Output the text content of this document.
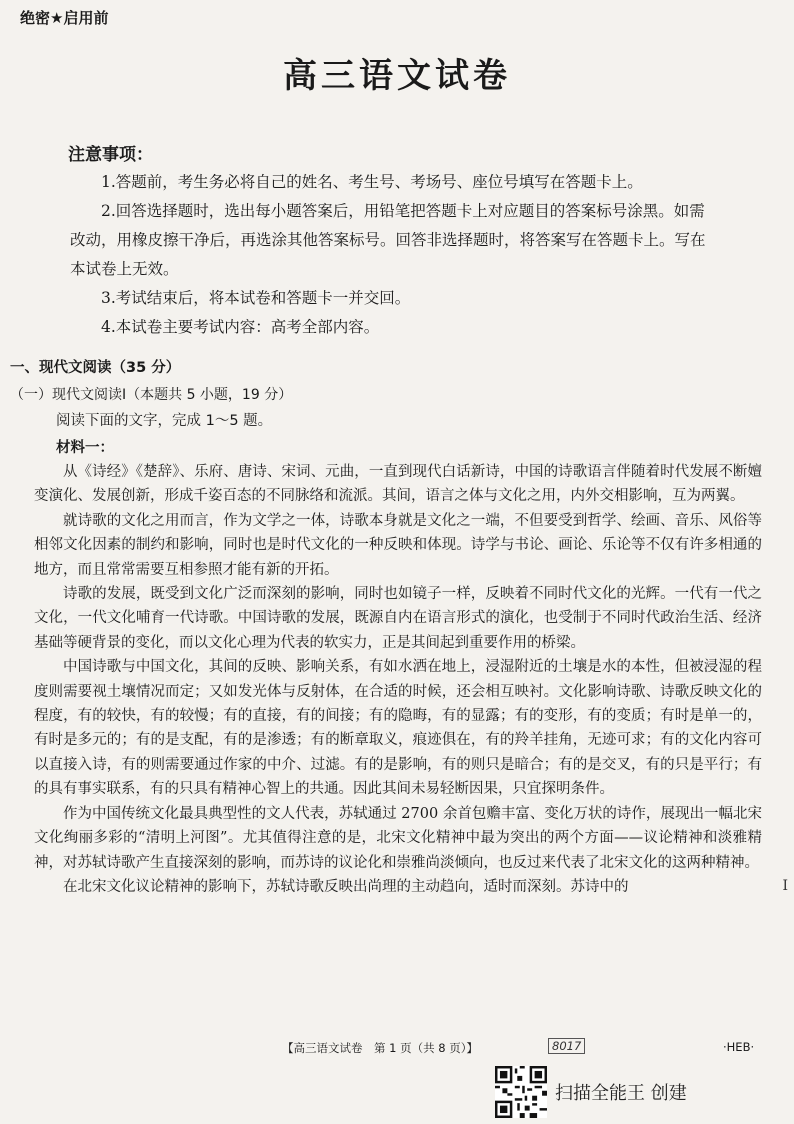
绝密★启用前
高三语文试卷
注意事项：

1.答题前，考生务必将自己的姓名、考生号、考场号、座位号填写在答题卡上。

2.回答选择题时，选出每小题答案后，用铅笔把答题卡上对应题目的答案标号涂黑。如需改动，用橡皮擦干净后，再选涂其他答案标号。回答非选择题时，将答案写在答题卡上。写在本试卷上无效。

3.考试结束后，将本试卷和答题卡一并交回。

4.本试卷主要考试内容：高考全部内容。

一、现代文阅读（35 分）
（一）现代文阅读Ⅰ（本题共 5 小题，19 分）
阅读下面的文字，完成 1～5 题。
材料一：

从《诗经》《楚辞》、乐府、唐诗、宋词、元曲，一直到现代白话新诗，中国的诗歌语言伴随着时代发展不断嬗变演化、发展创新，形成千姿百态的不同脉络和流派。其间，语言之体与文化之用，内外交相影响，互为两翼。

就诗歌的文化之用而言，作为文学之一体，诗歌本身就是文化之一端，不但要受到哲学、绘画、音乐、风俗等相邻文化因素的制约和影响，同时也是时代文化的一种反映和体现。诗学与书论、画论、乐论等不仅有许多相通的地方，而且常常需要互相参照才能有新的开拓。

诗歌的发展，既受到文化广泛而深刻的影响，同时也如镜子一样，反映着不同时代文化的光辉。一代有一代之文化，一代文化哺育一代诗歌。中国诗歌的发展，既源自内在语言形式的演化，也受制于不同时代政治生活、经济基础等硬背景的变化，而以文化心理为代表的软实力，正是其间起到重要作用的桥梁。

中国诗歌与中国文化，其间的反映、影响关系，有如水洒在地上，浸湿附近的土壤是水的本性，但被浸湿的程度则需要视土壤情况而定；又如发光体与反射体，在合适的时候，还会相互映衬。文化影响诗歌、诗歌反映文化的程度，有的较快，有的较慢；有的直接，有的间接；有的隐晦，有的显露；有的变形，有的变质；有时是单一的，有时是多元的；有的是支配，有的是渗透；有的断章取义，痕迹俱在，有的羚羊挂角，无迹可求；有的文化内容可以直接入诗，有的则需要通过作家的中介、过滤。有的是影响，有的则只是暗合；有的是交叉，有的只是平行；有的具有事实联系，有的只具有精神心智上的共通。因此其间未易轻断因果，只宜探明条件。

作为中国传统文化最具典型性的文人代表，苏轼通过 2700 余首包赡丰富、变化万状的诗作，展现出一幅北宋文化绚丽多彩的“清明上河图”。尤其值得注意的是，北宋文化精神中最为突出的两个方面——议论精神和淡雅精神，对苏轼诗歌产生直接深刻的影响，而苏诗的议论化和崇雅尚淡倾向，也反过来代表了北宋文化的这两种精神。

在北宋文化议论精神的影响下，苏轼诗歌反映出尚理的主动趋向，适时而深刻。苏诗中的	I
【高三语文试卷　第 1 页（共 8 页）】	8017	·HEB·
扫描全能王 创建
